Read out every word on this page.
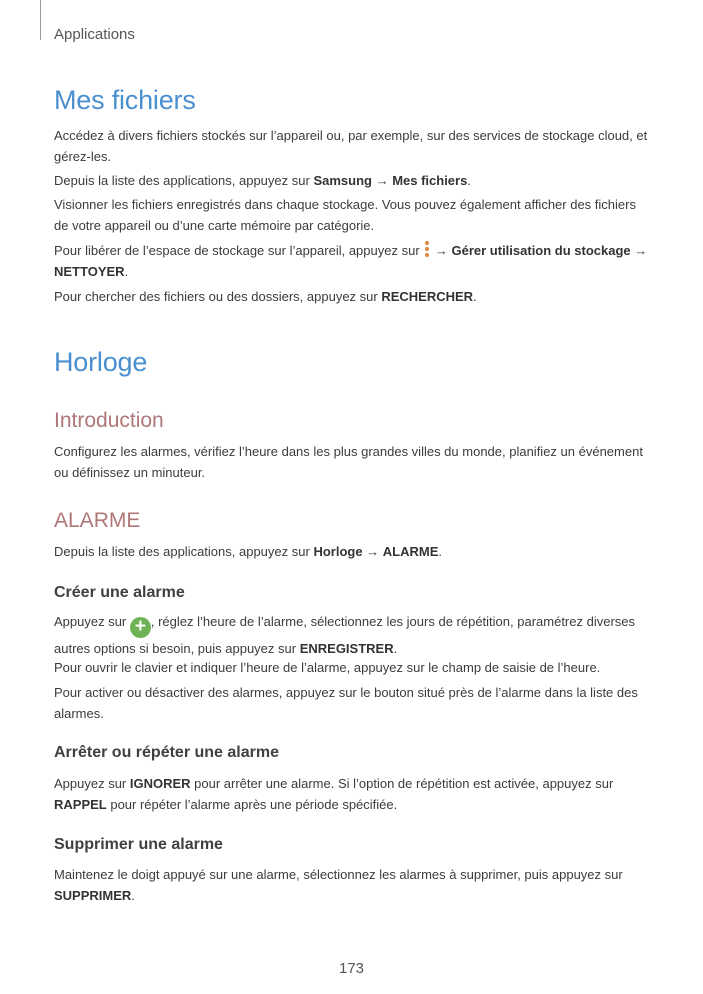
Applications
Mes fichiers

Accédez à divers fichiers stockés sur l’appareil ou, par exemple, sur des services de stockage cloud, et gérez-les.

Depuis la liste des applications, appuyez sur Samsung → Mes fichiers.

Visionner les fichiers enregistrés dans chaque stockage. Vous pouvez également afficher des fichiers de votre appareil ou d’une carte mémoire par catégorie.

Pour libérer de l’espace de stockage sur l’appareil, appuyez sur
→ Gérer utilisation du stockage → NETTOYER.

Pour chercher des fichiers ou des dossiers, appuyez sur RECHERCHER.

Horloge
Introduction

Configurez les alarmes, vérifiez l’heure dans les plus grandes villes du monde, planifiez un événement ou définissez un minuteur.

ALARME

Depuis la liste des applications, appuyez sur Horloge → ALARME.

Créer une alarme

Appuyez sur + , réglez l’heure de l’alarme, sélectionnez les jours de répétition, paramétrez diverses autres options si besoin, puis appuyez sur ENREGISTRER.

Pour ouvrir le clavier et indiquer l’heure de l’alarme, appuyez sur le champ de saisie de l’heure.

Pour activer ou désactiver des alarmes, appuyez sur le bouton situé près de l’alarme dans la liste des alarmes.

Arrêter ou répéter une alarme

Appuyez sur IGNORER pour arrêter une alarme. Si l’option de répétition est activée, appuyez sur RAPPEL pour répéter l’alarme après une période spécifiée.

Supprimer une alarme

Maintenez le doigt appuyé sur une alarme, sélectionnez les alarmes à supprimer, puis appuyez sur SUPPRIMER.

173
